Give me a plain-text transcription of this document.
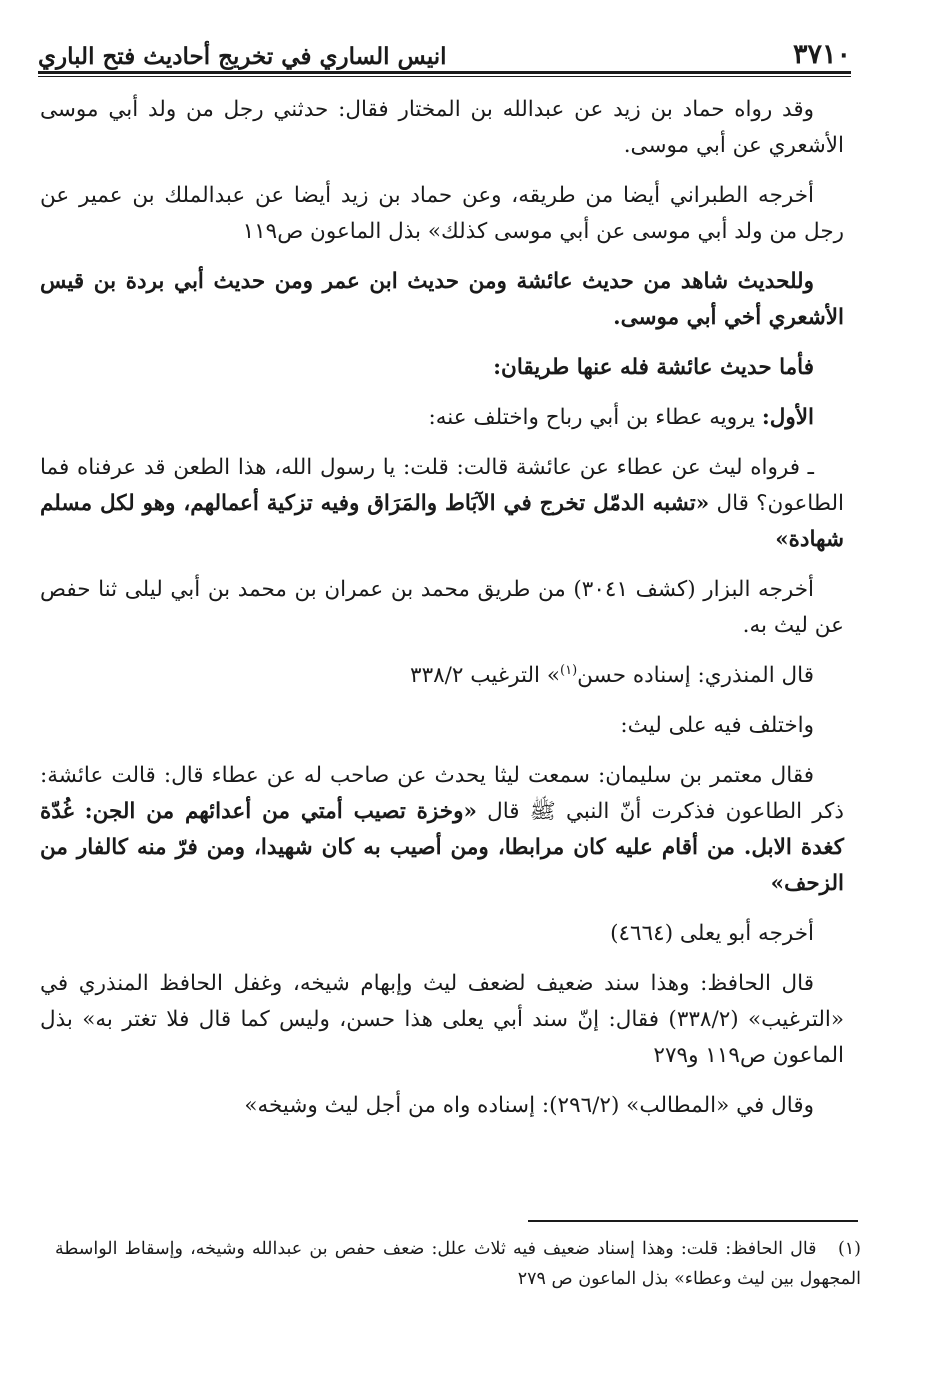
٣٧١٠
انيس الساري في تخريج أحاديث فتح الباري

وقد رواه حماد بن زيد عن عبدالله بن المختار فقال: حدثني رجل من ولد أبي موسى الأشعري عن أبي موسى.

أخرجه الطبراني أيضا من طريقه، وعن حماد بن زيد أيضا عن عبدالملك بن عمير عن رجل من ولد أبي موسى عن أبي موسى كذلك» بذل الماعون ص١١٩

وللحديث شاهد من حديث عائشة ومن حديث ابن عمر ومن حديث أبي بردة بن قيس الأشعري أخي أبي موسى.

فأما حديث عائشة فله عنها طريقان:

الأول: يرويه عطاء بن أبي رباح واختلف عنه:

ـ فرواه ليث عن عطاء عن عائشة قالت: قلت: يا رسول الله، هذا الطعن قد عرفناه فما الطاعون؟ قال «تشبه الدمّل تخرج في الآبَاط والمَرَاق وفيه تزكية أعمالهم، وهو لكل مسلم شهادة»

أخرجه البزار (كشف ٣٠٤١) من طريق محمد بن عمران بن محمد بن أبي ليلى ثنا حفص عن ليث به.

قال المنذري: إسناده حسن$^{(١)}$» الترغيب ٣٣٨/٢

واختلف فيه على ليث:

فقال معتمر بن سليمان: سمعت ليثا يحدث عن صاحب له عن عطاء قال: قالت عائشة: ذكر الطاعون فذكرت أنّ النبي ﷺ قال «وخزة تصيب أمتي من أعدائهم من الجن: غُدّة كغدة الابل. من أقام عليه كان مرابطا، ومن أصيب به كان شهيدا، ومن فرّ منه كالفار من الزحف»

أخرجه أبو يعلى (٤٦٦٤)

قال الحافظ: وهذا سند ضعيف لضعف ليث وإبهام شيخه، وغفل الحافظ المنذري في «الترغيب» (٣٣٨/٢) فقال: إنّ سند أبي يعلى هذا حسن، وليس كما قال فلا تغتر به» بذل الماعون ص١١٩ و٢٧٩

وقال في «المطالب» (٢٩٦/٢): إسناده واه من أجل ليث وشيخه»

(١)   قال الحافظ: قلت: وهذا إسناد ضعيف فيه ثلاث علل: ضعف حفص بن عبدالله وشيخه، وإسقاط الواسطة المجهول بين ليث وعطاء» بذل الماعون ص ٢٧٩
